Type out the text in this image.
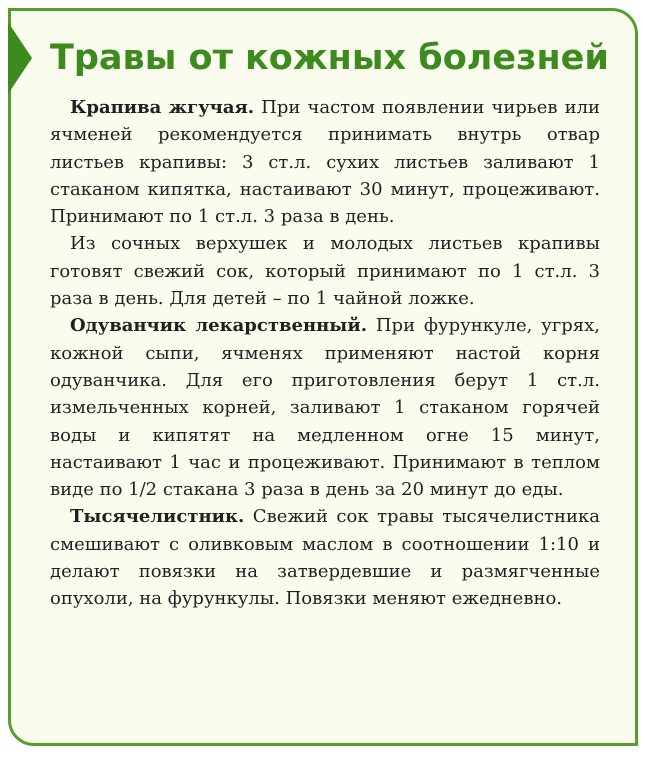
Травы от кожных болезней

Крапива жгучая. При частом появлении чирьев или ячменей рекомендуется принимать внутрь отвар листьев крапивы: 3 ст.л. сухих листьев заливают 1 стаканом кипятка, настаивают 30 минут, процеживают. Принимают по 1 ст.л. 3 раза в день.

Из сочных верхушек и молодых листьев крапивы готовят свежий сок, который принимают по 1 ст.л. 3 раза в день. Для детей – по 1 чайной ложке.

Одуванчик лекарственный. При фурункуле, угрях, кожной сыпи, ячменях применяют настой корня одуванчика. Для его приготовления берут 1 ст.л. измельченных корней, заливают 1 стаканом горячей воды и кипятят на медленном огне 15 минут, настаивают 1 час и процеживают. Принимают в теплом виде по 1/2 стакана 3 раза в день за 20 минут до еды.

Тысячелистник. Свежий сок травы тысячелистника смешивают с оливковым маслом в соотношении 1:10 и делают повязки на затвердевшие и размягченные опухоли, на фурункулы. Повязки меняют ежедневно.
